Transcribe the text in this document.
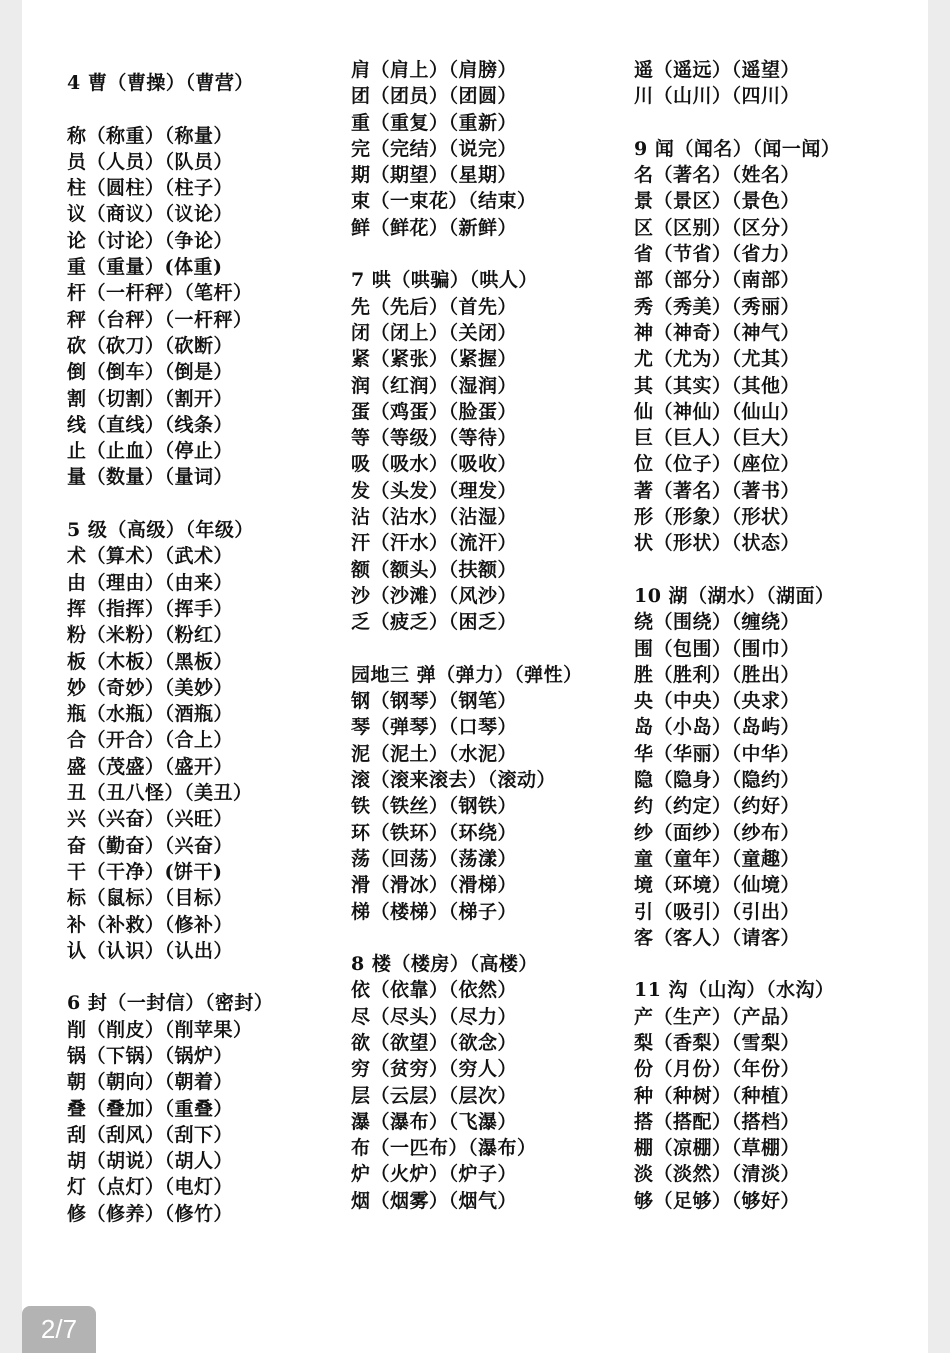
4 曹（曹操）（曹营）
称（称重）（称量）
员（人员）（队员）
柱（圆柱）（柱子）
议（商议）（议论）
论（讨论）（争论）
重（重量）(体重)
杆（一杆秤）（笔杆）
秤（台秤）（一杆秤）
砍（砍刀）（砍断）
倒（倒车）（倒是）
割（切割）（割开）
线（直线）（线条）
止（止血）（停止）
量（数量）（量词）
5 级（高级）（年级）
术（算术）（武术）
由（理由）（由来）
挥（指挥）（挥手）
粉（米粉）（粉红）
板（木板）（黑板）
妙（奇妙）（美妙）
瓶（水瓶）（酒瓶）
合（开合）（合上）
盛（茂盛）（盛开）
丑（丑八怪）（美丑）
兴（兴奋）（兴旺）
奋（勤奋）（兴奋）
干（干净）(饼干)
标（鼠标）（目标）
补（补救）（修补）
认（认识）（认出）
6 封（一封信）（密封）
削（削皮）（削苹果）
锅（下锅）（锅炉）
朝（朝向）（朝着）
叠（叠加）（重叠）
刮（刮风）（刮下）
胡（胡说）（胡人）
灯（点灯）（电灯）
修（修养）（修竹）
肩（肩上）（肩膀）
团（团员）（团圆）
重（重复）（重新）
完（完结）（说完）
期（期望）（星期）
束（一束花）（结束）
鲜（鲜花）（新鲜）
7 哄（哄骗）（哄人）
先（先后）（首先）
闭（闭上）（关闭）
紧（紧张）（紧握）
润（红润）（湿润）
蛋（鸡蛋）（脸蛋）
等（等级）（等待）
吸（吸水）（吸收）
发（头发）（理发）
沾（沾水）（沾湿）
汗（汗水）（流汗）
额（额头）（扶额）
沙（沙滩）（风沙）
乏（疲乏）（困乏）
园地三 弹（弹力）（弹性）
钢（钢琴）（钢笔）
琴（弹琴）（口琴）
泥（泥土）（水泥）
滚（滚来滚去）（滚动）
铁（铁丝）（钢铁）
环（铁环）（环绕）
荡（回荡）（荡漾）
滑（滑冰）（滑梯）
梯（楼梯）（梯子）
8 楼（楼房）（高楼）
依（依靠）（依然）
尽（尽头）（尽力）
欲（欲望）（欲念）
穷（贫穷）（穷人）
层（云层）（层次）
瀑（瀑布）（飞瀑）
布（一匹布）（瀑布）
炉（火炉）（炉子）
烟（烟雾）（烟气）
遥（遥远）（遥望）
川（山川）（四川）
9 闻（闻名）（闻一闻）
名（著名）（姓名）
景（景区）（景色）
区（区别）（区分）
省（节省）（省力）
部（部分）（南部）
秀（秀美）（秀丽）
神（神奇）（神气）
尤（尤为）（尤其）
其（其实）（其他）
仙（神仙）（仙山）
巨（巨人）（巨大）
位（位子）（座位）
著（著名）（著书）
形（形象）（形状）
状（形状）（状态）
10 湖（湖水）（湖面）
绕（围绕）（缠绕）
围（包围）（围巾）
胜（胜利）（胜出）
央（中央）（央求）
岛（小岛）（岛屿）
华（华丽）（中华）
隐（隐身）（隐约）
约（约定）（约好）
纱（面纱）（纱布）
童（童年）（童趣）
境（环境）（仙境）
引（吸引）（引出）
客（客人）（请客）
11 沟（山沟）（水沟）
产（生产）（产品）
梨（香梨）（雪梨）
份（月份）（年份）
种（种树）（种植）
搭（搭配）（搭档）
棚（凉棚）（草棚）
淡（淡然）（清淡）
够（足够）（够好）
2/7
